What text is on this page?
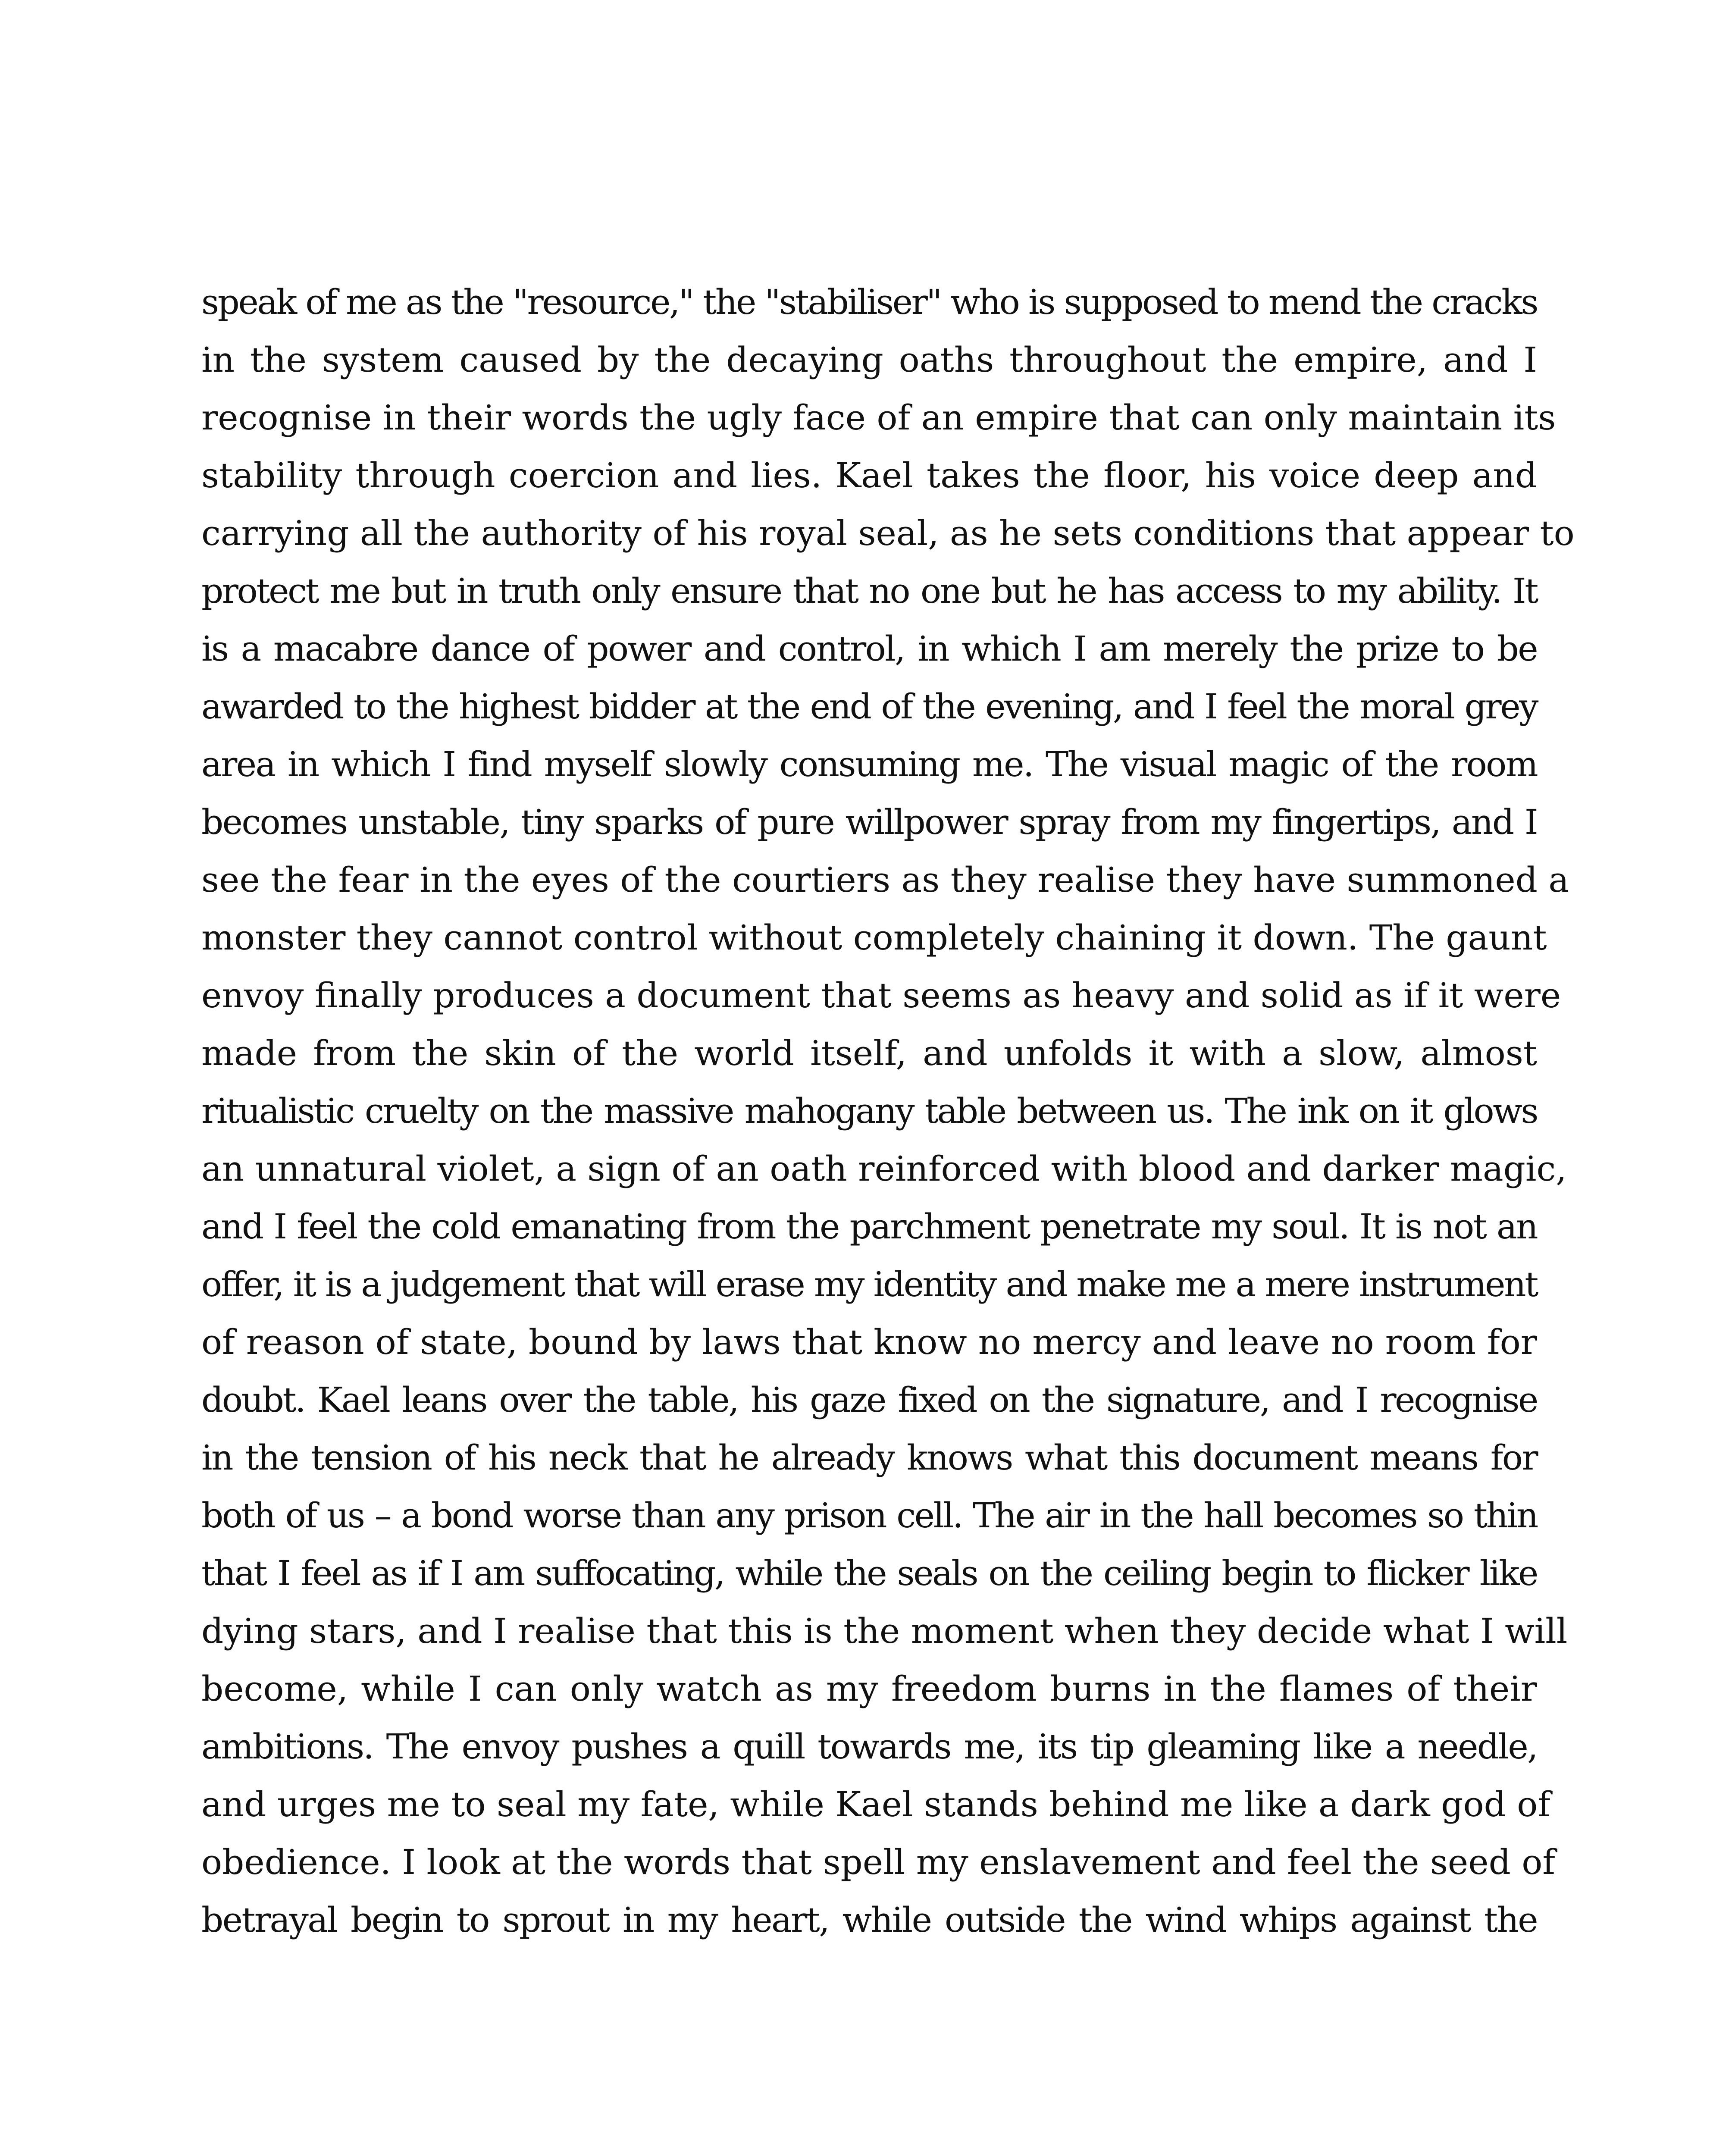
speak of me as the "resource," the "stabiliser" who is supposed to mend the cracks
in the system caused by the decaying oaths throughout the empire, and I
recognise in their words the ugly face of an empire that can only maintain its
stability through coercion and lies. Kael takes the floor, his voice deep and
carrying all the authority of his royal seal, as he sets conditions that appear to
protect me but in truth only ensure that no one but he has access to my ability. It
is a macabre dance of power and control, in which I am merely the prize to be
awarded to the highest bidder at the end of the evening, and I feel the moral grey
area in which I find myself slowly consuming me. The visual magic of the room
becomes unstable, tiny sparks of pure willpower spray from my fingertips, and I
see the fear in the eyes of the courtiers as they realise they have summoned a
monster they cannot control without completely chaining it down. The gaunt
envoy finally produces a document that seems as heavy and solid as if it were
made from the skin of the world itself, and unfolds it with a slow, almost
ritualistic cruelty on the massive mahogany table between us. The ink on it glows
an unnatural violet, a sign of an oath reinforced with blood and darker magic,
and I feel the cold emanating from the parchment penetrate my soul. It is not an
offer, it is a judgement that will erase my identity and make me a mere instrument
of reason of state, bound by laws that know no mercy and leave no room for
doubt. Kael leans over the table, his gaze fixed on the signature, and I recognise
in the tension of his neck that he already knows what this document means for
both of us – a bond worse than any prison cell. The air in the hall becomes so thin
that I feel as if I am suffocating, while the seals on the ceiling begin to flicker like
dying stars, and I realise that this is the moment when they decide what I will
become, while I can only watch as my freedom burns in the flames of their
ambitions. The envoy pushes a quill towards me, its tip gleaming like a needle,
and urges me to seal my fate, while Kael stands behind me like a dark god of
obedience. I look at the words that spell my enslavement and feel the seed of
betrayal begin to sprout in my heart, while outside the wind whips against the
